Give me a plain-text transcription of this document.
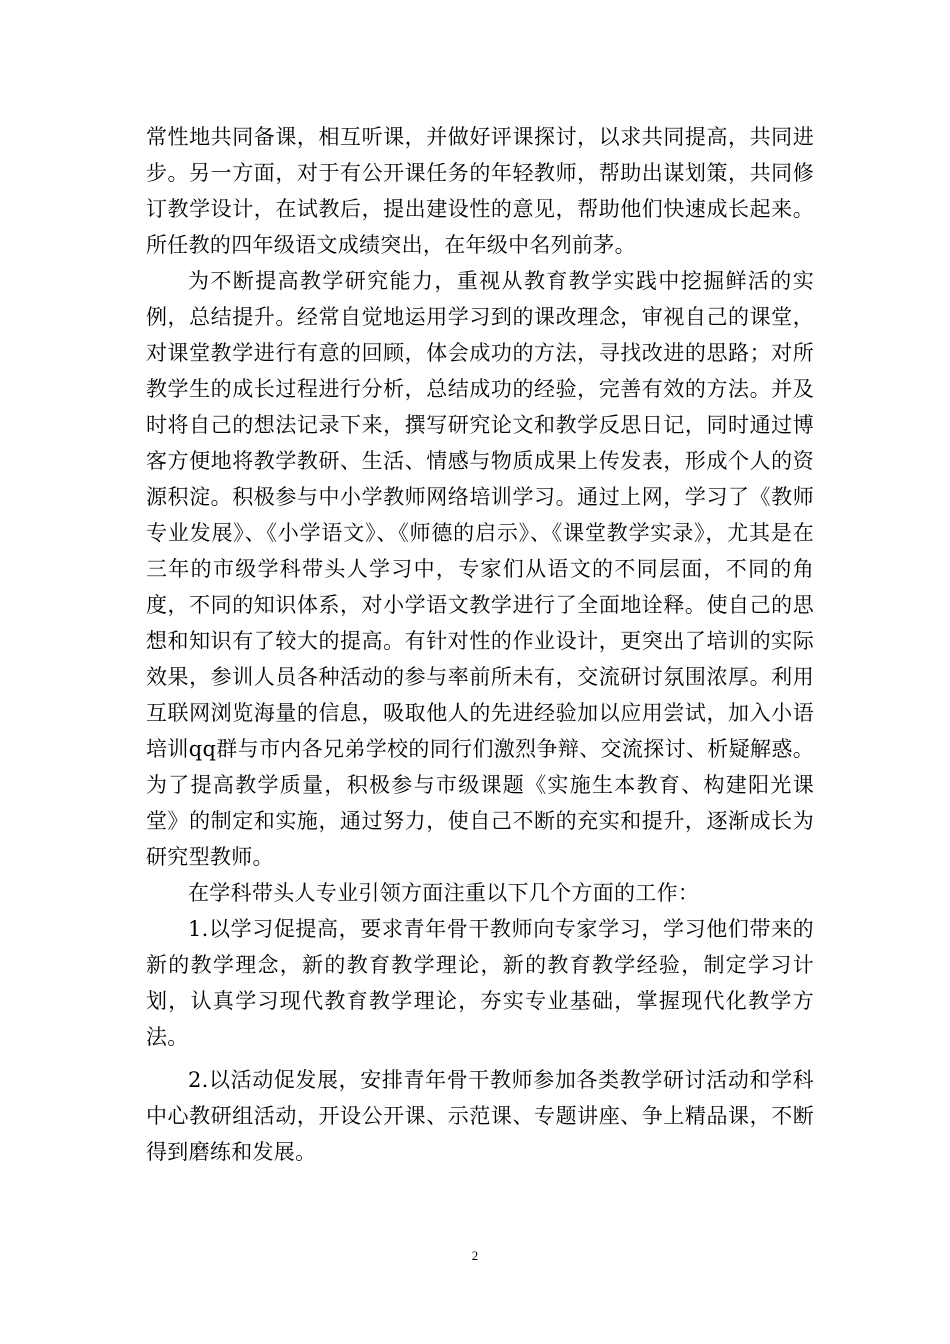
常性地共同备课，相互听课，并做好评课探讨，以求共同提高，共同进步。另一方面，对于有公开课任务的年轻教师，帮助出谋划策，共同修订教学设计，在试教后，提出建设性的意见，帮助他们快速成长起来。所任教的四年级语文成绩突出，在年级中名列前茅。

为不断提高教学研究能力，重视从教育教学实践中挖掘鲜活的实例，总结提升。经常自觉地运用学习到的课改理念，审视自己的课堂，对课堂教学进行有意的回顾，体会成功的方法，寻找改进的思路；对所教学生的成长过程进行分析，总结成功的经验，完善有效的方法。并及时将自己的想法记录下来，撰写研究论文和教学反思日记，同时通过博客方便地将教学教研、生活、情感与物质成果上传发表，形成个人的资源积淀。积极参与中小学教师网络培训学习。通过上网，学习了《教师专业发展》、《小学语文》、《师德的启示》、《课堂教学实录》，尤其是在三年的市级学科带头人学习中，专家们从语文的不同层面，不同的角度，不同的知识体系，对小学语文教学进行了全面地诠释。使自己的思想和知识有了较大的提高。有针对性的作业设计，更突出了培训的实际效果，参训人员各种活动的参与率前所未有，交流研讨氛围浓厚。利用互联网浏览海量的信息，吸取他人的先进经验加以应用尝试，加入小语培训qq群与市内各兄弟学校的同行们激烈争辩、交流探讨、析疑解惑。为了提高教学质量，积极参与市级课题《实施生本教育、构建阳光课堂》的制定和实施，通过努力，使自己不断的充实和提升，逐渐成长为研究型教师。

在学科带头人专业引领方面注重以下几个方面的工作：

1.以学习促提高，要求青年骨干教师向专家学习，学习他们带来的新的教学理念，新的教育教学理论，新的教育教学经验，制定学习计划，认真学习现代教育教学理论，夯实专业基础，掌握现代化教学方法。

2.以活动促发展，安排青年骨干教师参加各类教学研讨活动和学科中心教研组活动，开设公开课、示范课、专题讲座、争上精品课，不断得到磨练和发展。

2
